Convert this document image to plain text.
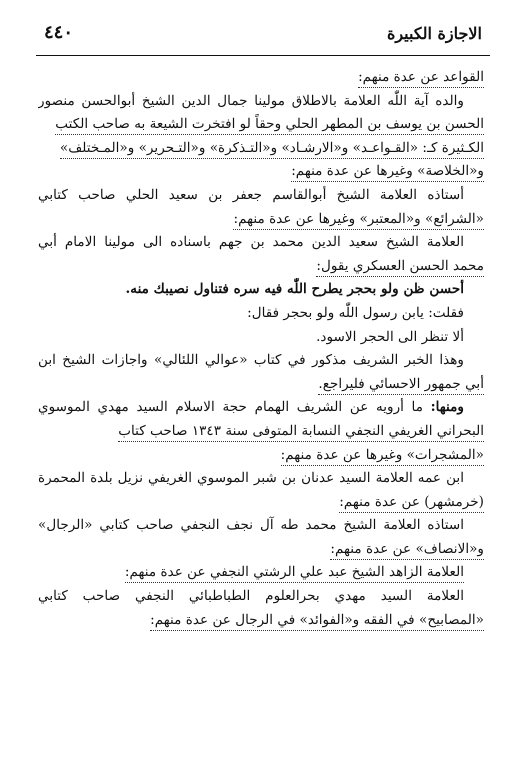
الاجازة الكبيرة
٤٤٠
القواعد عن عدة منهم:
والده آية اللّٰه العلامة بالاطلاق مولينا جمال الدين الشيخ أبوالحسن منصور
الحسن بن يوسف بن المطهر الحلي وحقاً لو افتخرت الشيعة به صاحب الكتب
الكـثيرة كـ: «القـواعـد» و«الارشـاد» و«التـذكرة» و«التـحرير» و«المـختلف»
و«الخلاصة» وغيرها عن عدة منهم:
أستاذه العلامة الشيخ أبوالقاسم جعفر بن سعيد الحلي صاحب كتابي
«الشرائع» و«المعتبر» وغيرها عن عدة منهم:
العلامة الشيخ سعيد الدين محمد بن جهم باسناده الى مولينا الامام أبي
محمد الحسن العسكري يقول:
أحسن ظن ولو بحجر يطرح اللّٰه فيه سره فتناول نصيبك منه.
فقلت: يابن رسول اللّٰه ولو بحجر فقال:
ألا تنظر الى الحجر الاسود.
وهذا الخبر الشريف مذكور في كتاب «عوالي اللئالي» واجازات الشيخ ابن
أبي جمهور الاحسائي فليراجع.
ومنها: ما أرويه عن الشريف الهمام حجة الاسلام السيد مهدي الموسوي
البحراني الغريفي النجفي النسابة المتوفى سنة ١٣٤٣ صاحب كتاب
«المشجرات» وغيرها عن عدة منهم:
ابن عمه العلامة السيد عدنان بن شبر الموسوي الغريفي نزيل بلدة المحمرة
(خرمشهر) عن عدة منهم:
استاذه العلامة الشيخ محمد طه آل نجف النجفي صاحب كتابي «الرجال»
و«الانصاف» عن عدة منهم:
العلامة الزاهد الشيخ عبد علي الرشتي النجفي عن عدة منهم:
العلامة السيد مهدي بحرالعلوم الطباطبائي النجفي صاحب كتابي
«المصابيح» في الفقه و«الفوائد» في الرجال عن عدة منهم:
